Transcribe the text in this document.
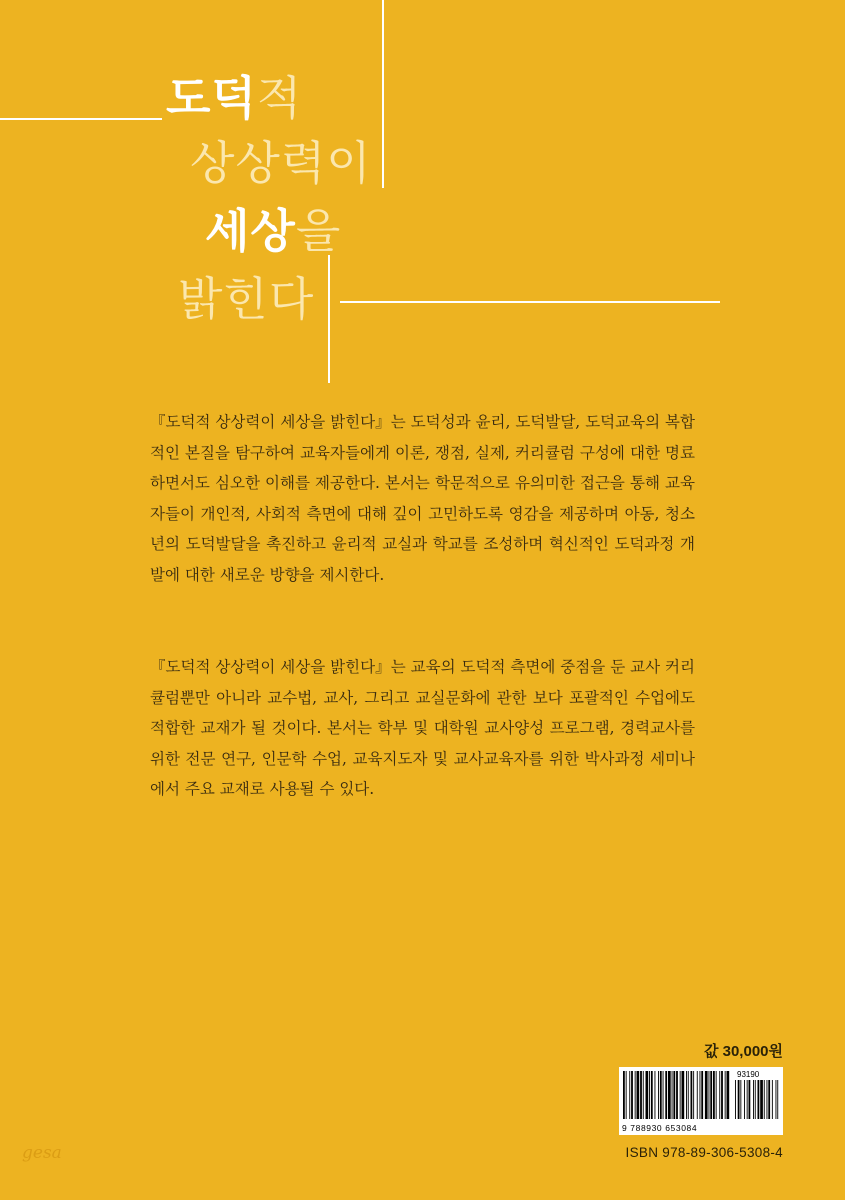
도덕적
상상력이
세상을
밝힌다

『도덕적 상상력이 세상을 밝힌다』는 도덕성과 윤리, 도덕발달, 도덕교육의 복합적인 본질을 탐구하여 교육자들에게 이론, 쟁점, 실제, 커리큘럼 구성에 대한 명료하면서도 심오한 이해를 제공한다. 본서는 학문적으로 유의미한 접근을 통해 교육자들이 개인적, 사회적 측면에 대해 깊이 고민하도록 영감을 제공하며 아동, 청소년의 도덕발달을 촉진하고 윤리적 교실과 학교를 조성하며 혁신적인 도덕과정 개발에 대한 새로운 방향을 제시한다.

『도덕적 상상력이 세상을 밝힌다』는 교육의 도덕적 측면에 중점을 둔 교사 커리큘럼뿐만 아니라 교수법, 교사, 그리고 교실문화에 관한 보다 포괄적인 수업에도 적합한 교재가 될 것이다. 본서는 학부 및 대학원 교사양성 프로그램, 경력교사를 위한 전문 연구, 인문학 수업, 교육지도자 및 교사교육자를 위한 박사과정 세미나에서 주요 교재로 사용될 수 있다.

값 30,000원
93190
9 788930 653084
ISBN 978-89-306-5308-4
gesa
